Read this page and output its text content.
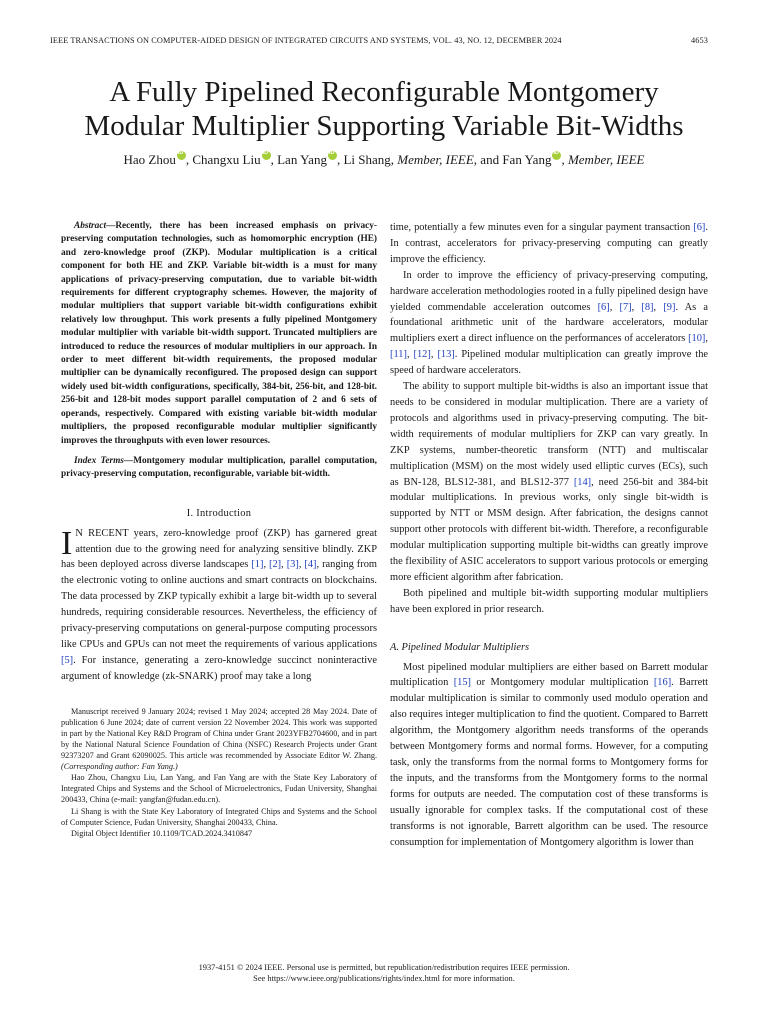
IEEE TRANSACTIONS ON COMPUTER-AIDED DESIGN OF INTEGRATED CIRCUITS AND SYSTEMS, VOL. 43, NO. 12, DECEMBER 2024	4653
A Fully Pipelined Reconfigurable Montgomery
Modular Multiplier Supporting Variable Bit-Widths
Hao Zhou iD , Changxu Liu iD , Lan Yang iD , Li Shang, Member, IEEE, and Fan Yang iD , Member, IEEE

Abstract—Recently, there has been increased emphasis on privacy-preserving computation technologies, such as homomorphic encryption (HE) and zero-knowledge proof (ZKP). Modular multiplication is a critical component for both HE and ZKP. Variable bit-width is a must for many applications of privacy-preserving computation, due to variable bit-width requirements for different cryptography schemes. However, the majority of modular multipliers that support variable bit-width configurations exhibit relatively low throughput. This work presents a fully pipelined Montgomery modular multiplier with variable bit-width support. Truncated multipliers are introduced to reduce the resources of modular multipliers in our approach. In order to meet different bit-width requirements, the proposed modular multiplier can be dynamically reconfigured. The proposed design can support widely used bit-width configurations, specifically, 384-bit, 256-bit, and 128-bit. 256-bit and 128-bit modes support parallel computation of 2 and 6 sets of operands, respectively. Compared with existing variable bit-width modular multipliers, the proposed reconfigurable modular multiplier significantly improves the throughputs with even lower resources.

Index Terms—Montgomery modular multiplication, parallel computation, privacy-preserving computation, reconfigurable, variable bit-width.

I. Introduction

I N RECENT years, zero-knowledge proof (ZKP) has garnered great attention due to the growing need for analyzing sensitive blindly. ZKP has been deployed across diverse landscapes [1], [2], [3], [4], ranging from the electronic voting to online auctions and smart contracts on blockchains. The data processed by ZKP typically exhibit a large bit-width up to several hundreds, requiring considerable resources. Nevertheless, the efficiency of privacy-preserving computations on general-purpose computing processors like CPUs and GPUs can not meet the requirements of various applications [5]. For instance, generating a zero-knowledge succinct noninteractive argument of knowledge (zk-SNARK) proof may take a long

Manuscript received 9 January 2024; revised 1 May 2024; accepted 28 May 2024. Date of publication 6 June 2024; date of current version 22 November 2024. This work was supported in part by the National Key R&D Program of China under Grant 2023YFB2704600, and in part by the National Natural Science Foundation of China (NSFC) Research Projects under Grant 92373207 and Grant 62090025. This article was recommended by Associate Editor W. Zhang. (Corresponding author: Fan Yang.)

Hao Zhou, Changxu Liu, Lan Yang, and Fan Yang are with the State Key Laboratory of Integrated Chips and Systems and the School of Microelectronics, Fudan University, Shanghai 200433, China (e-mail: yangfan@fudan.edu.cn).

Li Shang is with the State Key Laboratory of Integrated Chips and Systems and the School of Computer Science, Fudan University, Shanghai 200433, China.

Digital Object Identifier 10.1109/TCAD.2024.3410847

time, potentially a few minutes even for a singular payment transaction [6]. In contrast, accelerators for privacy-preserving computing can greatly improve the efficiency.

In order to improve the efficiency of privacy-preserving computing, hardware acceleration methodologies rooted in a fully pipelined design have yielded commendable acceleration outcomes [6], [7], [8], [9]. As a foundational arithmetic unit of the hardware accelerators, modular multipliers exert a direct influence on the performances of accelerators [10], [11], [12], [13]. Pipelined modular multiplication can greatly improve the speed of hardware accelerators.

The ability to support multiple bit-widths is also an important issue that needs to be considered in modular multiplication. There are a variety of protocols and algorithms used in privacy-preserving computing. The bit-width requirements of modular multipliers for ZKP can vary greatly. In ZKP systems, number-theoretic transform (NTT) and multiscalar multiplication (MSM) on the most widely used elliptic curves (ECs), such as BN-128, BLS12-381, and BLS12-377 [14], need 256-bit and 384-bit modular multiplications. In previous works, only single bit-width is supported by NTT or MSM design. After fabrication, the designs cannot support other protocols with different bit-width. Therefore, a reconfigurable modular multiplication supporting multiple bit-widths can greatly improve the flexibility of ASIC accelerators to support various protocols or emerging more efficient algorithm after fabrication.

Both pipelined and multiple bit-width supporting modular multipliers have been explored in prior research.

A. Pipelined Modular Multipliers

Most pipelined modular multipliers are either based on Barrett modular multiplication [15] or Montgomery modular multiplication [16]. Barrett modular multiplication is similar to commonly used modulo operation and also requires integer multiplication to find the quotient. Compared to Barrett algorithm, the Montgomery algorithm needs transforms of the operands between Montgomery forms and normal forms. However, for a computing task, only the transforms from the normal forms to Montgomery forms for the inputs, and the transforms from the Montgomery forms to the normal forms for outputs are needed. The computation cost of these transforms is usually ignorable for complex tasks. If the computational cost of these transforms is not ignorable, Barrett algorithm can be used. The resource consumption for implementation of Montgomery algorithm is lower than

1937-4151 © 2024 IEEE. Personal use is permitted, but republication/redistribution requires IEEE permission.
See https://www.ieee.org/publications/rights/index.html for more information.
